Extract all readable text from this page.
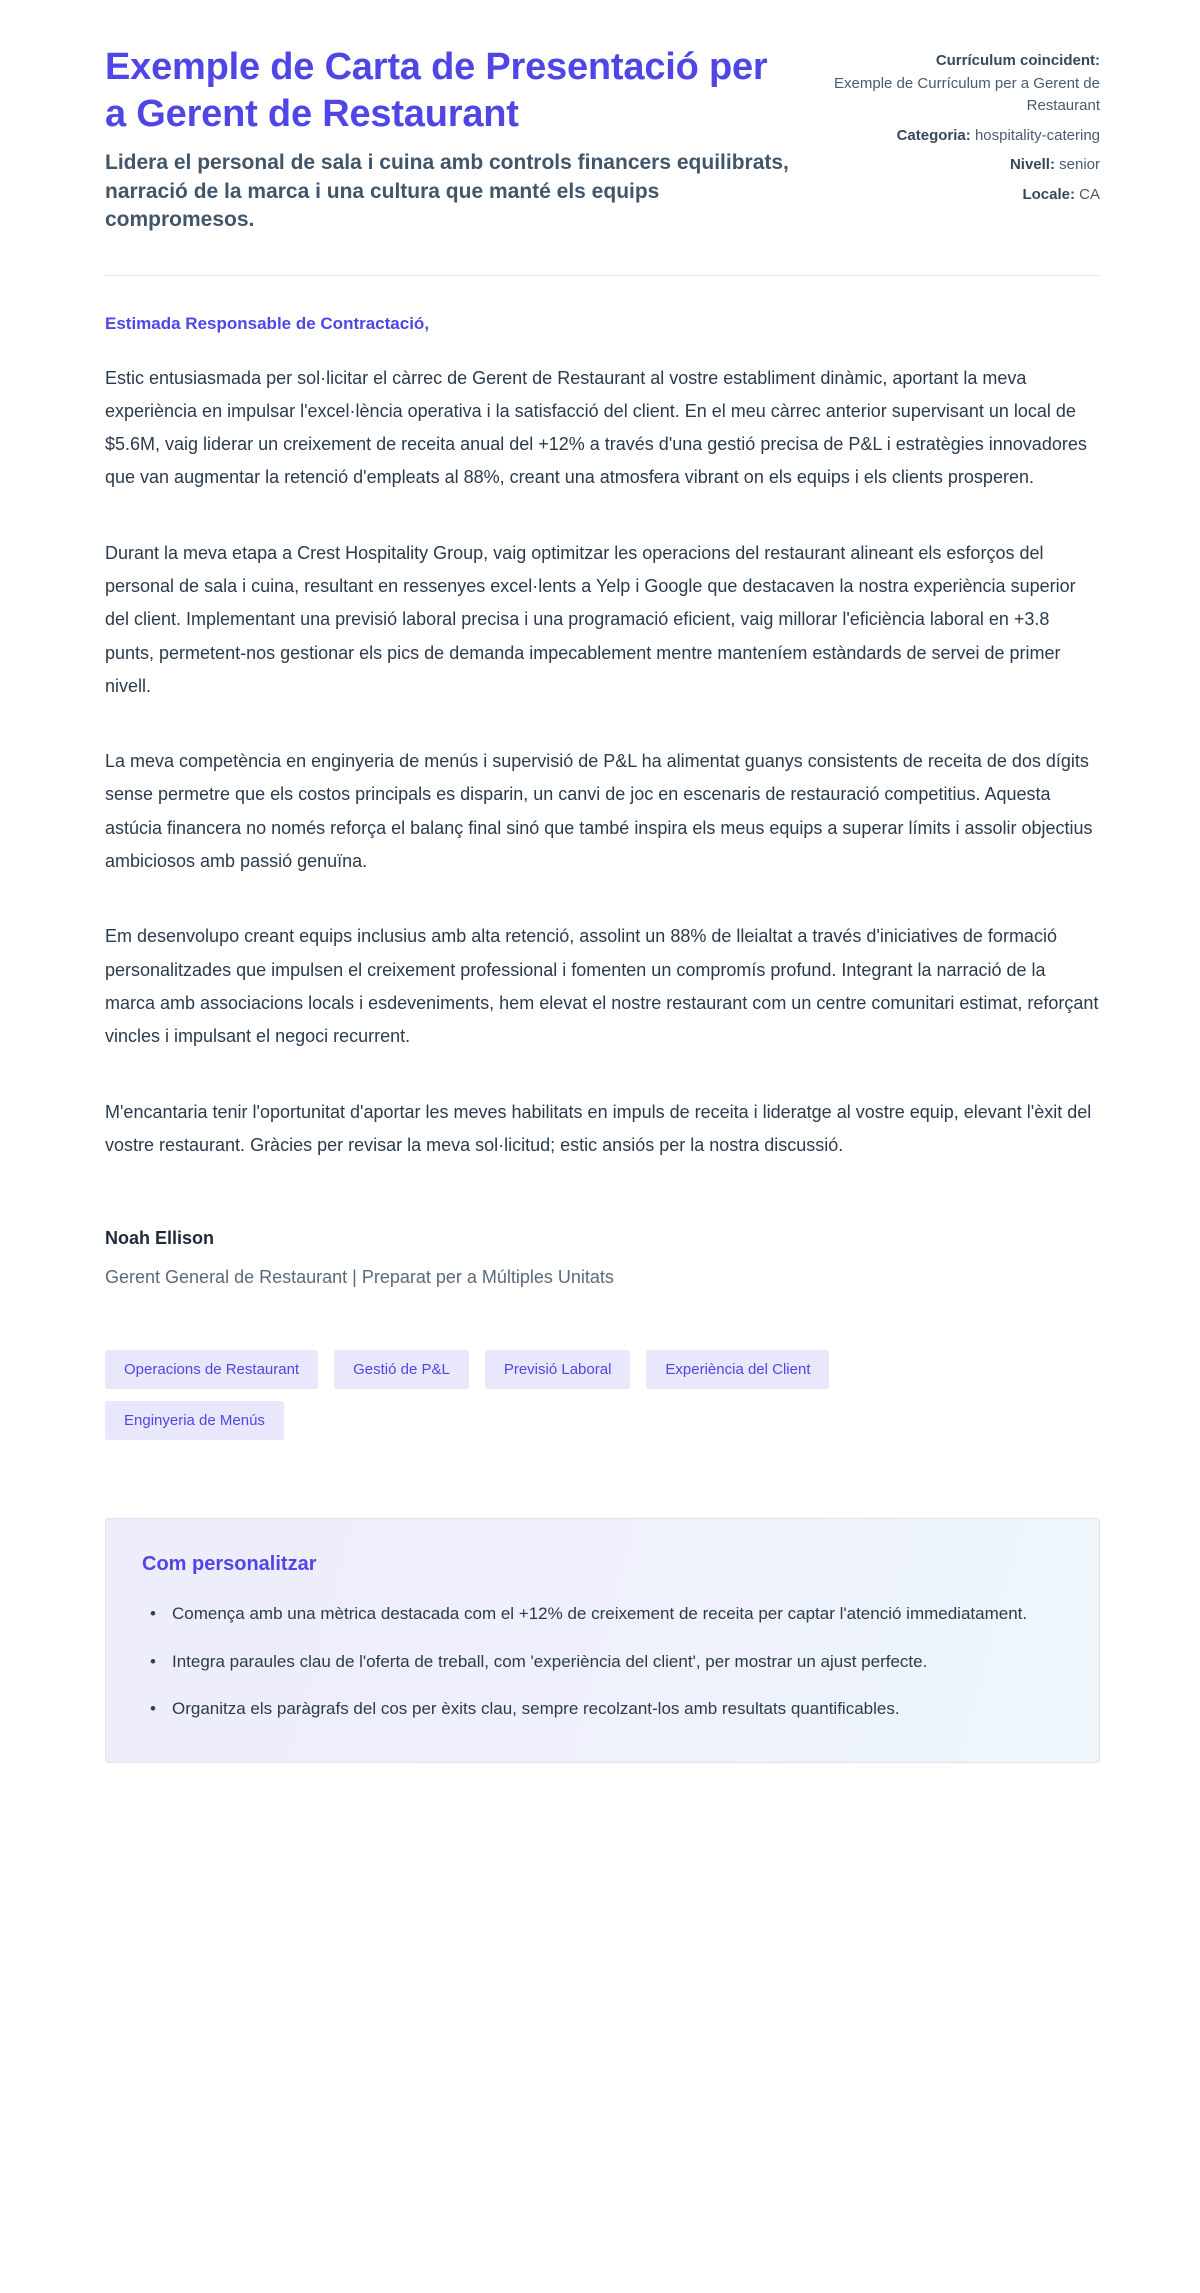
Exemple de Carta de Presentació per a Gerent de Restaurant

Lidera el personal de sala i cuina amb controls financers equilibrats, narració de la marca i una cultura que manté els equips compromesos.

Currículum coincident:
Exemple de Currículum per a Gerent de Restaurant
Categoria: hospitality-catering
Nivell: senior
Locale: CA

Estimada Responsable de Contractació,

Estic entusiasmada per sol·licitar el càrrec de Gerent de Restaurant al vostre establiment dinàmic, aportant la meva experiència en impulsar l'excel·lència operativa i la satisfacció del client. En el meu càrrec anterior supervisant un local de $5.6M, vaig liderar un creixement de receita anual del +12% a través d'una gestió precisa de P&L i estratègies innovadores que van augmentar la retenció d'empleats al 88%, creant una atmosfera vibrant on els equips i els clients prosperen.

Durant la meva etapa a Crest Hospitality Group, vaig optimitzar les operacions del restaurant alineant els esforços del personal de sala i cuina, resultant en ressenyes excel·lents a Yelp i Google que destacaven la nostra experiència superior del client. Implementant una previsió laboral precisa i una programació eficient, vaig millorar l'eficiència laboral en +3.8 punts, permetent-nos gestionar els pics de demanda impecablement mentre manteníem estàndards de servei de primer nivell.

La meva competència en enginyeria de menús i supervisió de P&L ha alimentat guanys consistents de receita de dos dígits sense permetre que els costos principals es disparin, un canvi de joc en escenaris de restauració competitius. Aquesta astúcia financera no només reforça el balanç final sinó que també inspira els meus equips a superar límits i assolir objectius ambiciosos amb passió genuïna.

Em desenvolupo creant equips inclusius amb alta retenció, assolint un 88% de lleialtat a través d'iniciatives de formació personalitzades que impulsen el creixement professional i fomenten un compromís profund. Integrant la narració de la marca amb associacions locals i esdeveniments, hem elevat el nostre restaurant com un centre comunitari estimat, reforçant vincles i impulsant el negoci recurrent.

M'encantaria tenir l'oportunitat d'aportar les meves habilitats en impuls de receita i lideratge al vostre equip, elevant l'èxit del vostre restaurant. Gràcies per revisar la meva sol·licitud; estic ansiós per la nostra discussió.

Noah Ellison

Gerent General de Restaurant | Preparat per a Múltiples Unitats

Operacions de Restaurant	Gestió de P&L	Previsió Laboral	Experiència del Client
Enginyeria de Menús
Com personalitzar
• Comença amb una mètrica destacada com el +12% de creixement de receita per captar l'atenció immediatament.
• Integra paraules clau de l'oferta de treball, com 'experiència del client', per mostrar un ajust perfecte.
• Organitza els paràgrafs del cos per èxits clau, sempre recolzant-los amb resultats quantificables.
